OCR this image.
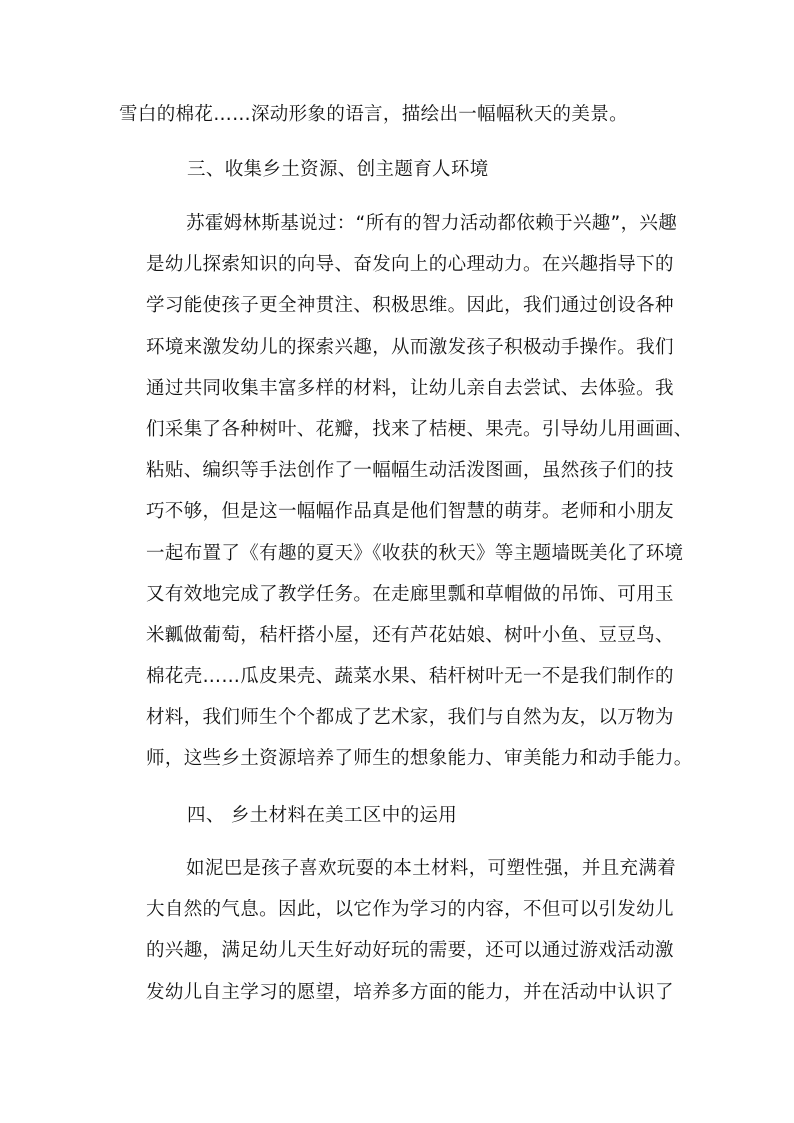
雪白的棉花……深动形象的语言，描绘出一幅幅秋天的美景。

三、收集乡土资源、创主题育人环境

苏霍姆林斯基说过：“所有的智力活动都依赖于兴趣”，兴趣

是幼儿探索知识的向导、奋发向上的心理动力。在兴趣指导下的

学习能使孩子更全神贯注、积极思维。因此，我们通过创设各种

环境来激发幼儿的探索兴趣，从而激发孩子积极动手操作。我们

通过共同收集丰富多样的材料，让幼儿亲自去尝试、去体验。我

们采集了各种树叶、花瓣，找来了桔梗、果壳。引导幼儿用画画、

粘贴、编织等手法创作了一幅幅生动活泼图画，虽然孩子们的技

巧不够，但是这一幅幅作品真是他们智慧的萌芽。老师和小朋友

一起布置了《有趣的夏天》《收获的秋天》等主题墙既美化了环境

又有效地完成了教学任务。在走廊里瓢和草帽做的吊饰、可用玉

米瓤做葡萄，秸杆搭小屋，还有芦花姑娘、树叶小鱼、豆豆鸟、

棉花壳……瓜皮果壳、蔬菜水果、秸杆树叶无一不是我们制作的

材料，我们师生个个都成了艺术家，我们与自然为友，以万物为

师，这些乡土资源培养了师生的想象能力、审美能力和动手能力。

四、 乡土材料在美工区中的运用

如泥巴是孩子喜欢玩耍的本土材料，可塑性强，并且充满着

大自然的气息。因此，以它作为学习的内容，不但可以引发幼儿

的兴趣，满足幼儿天生好动好玩的需要，还可以通过游戏活动激

发幼儿自主学习的愿望，培养多方面的能力，并在活动中认识了
